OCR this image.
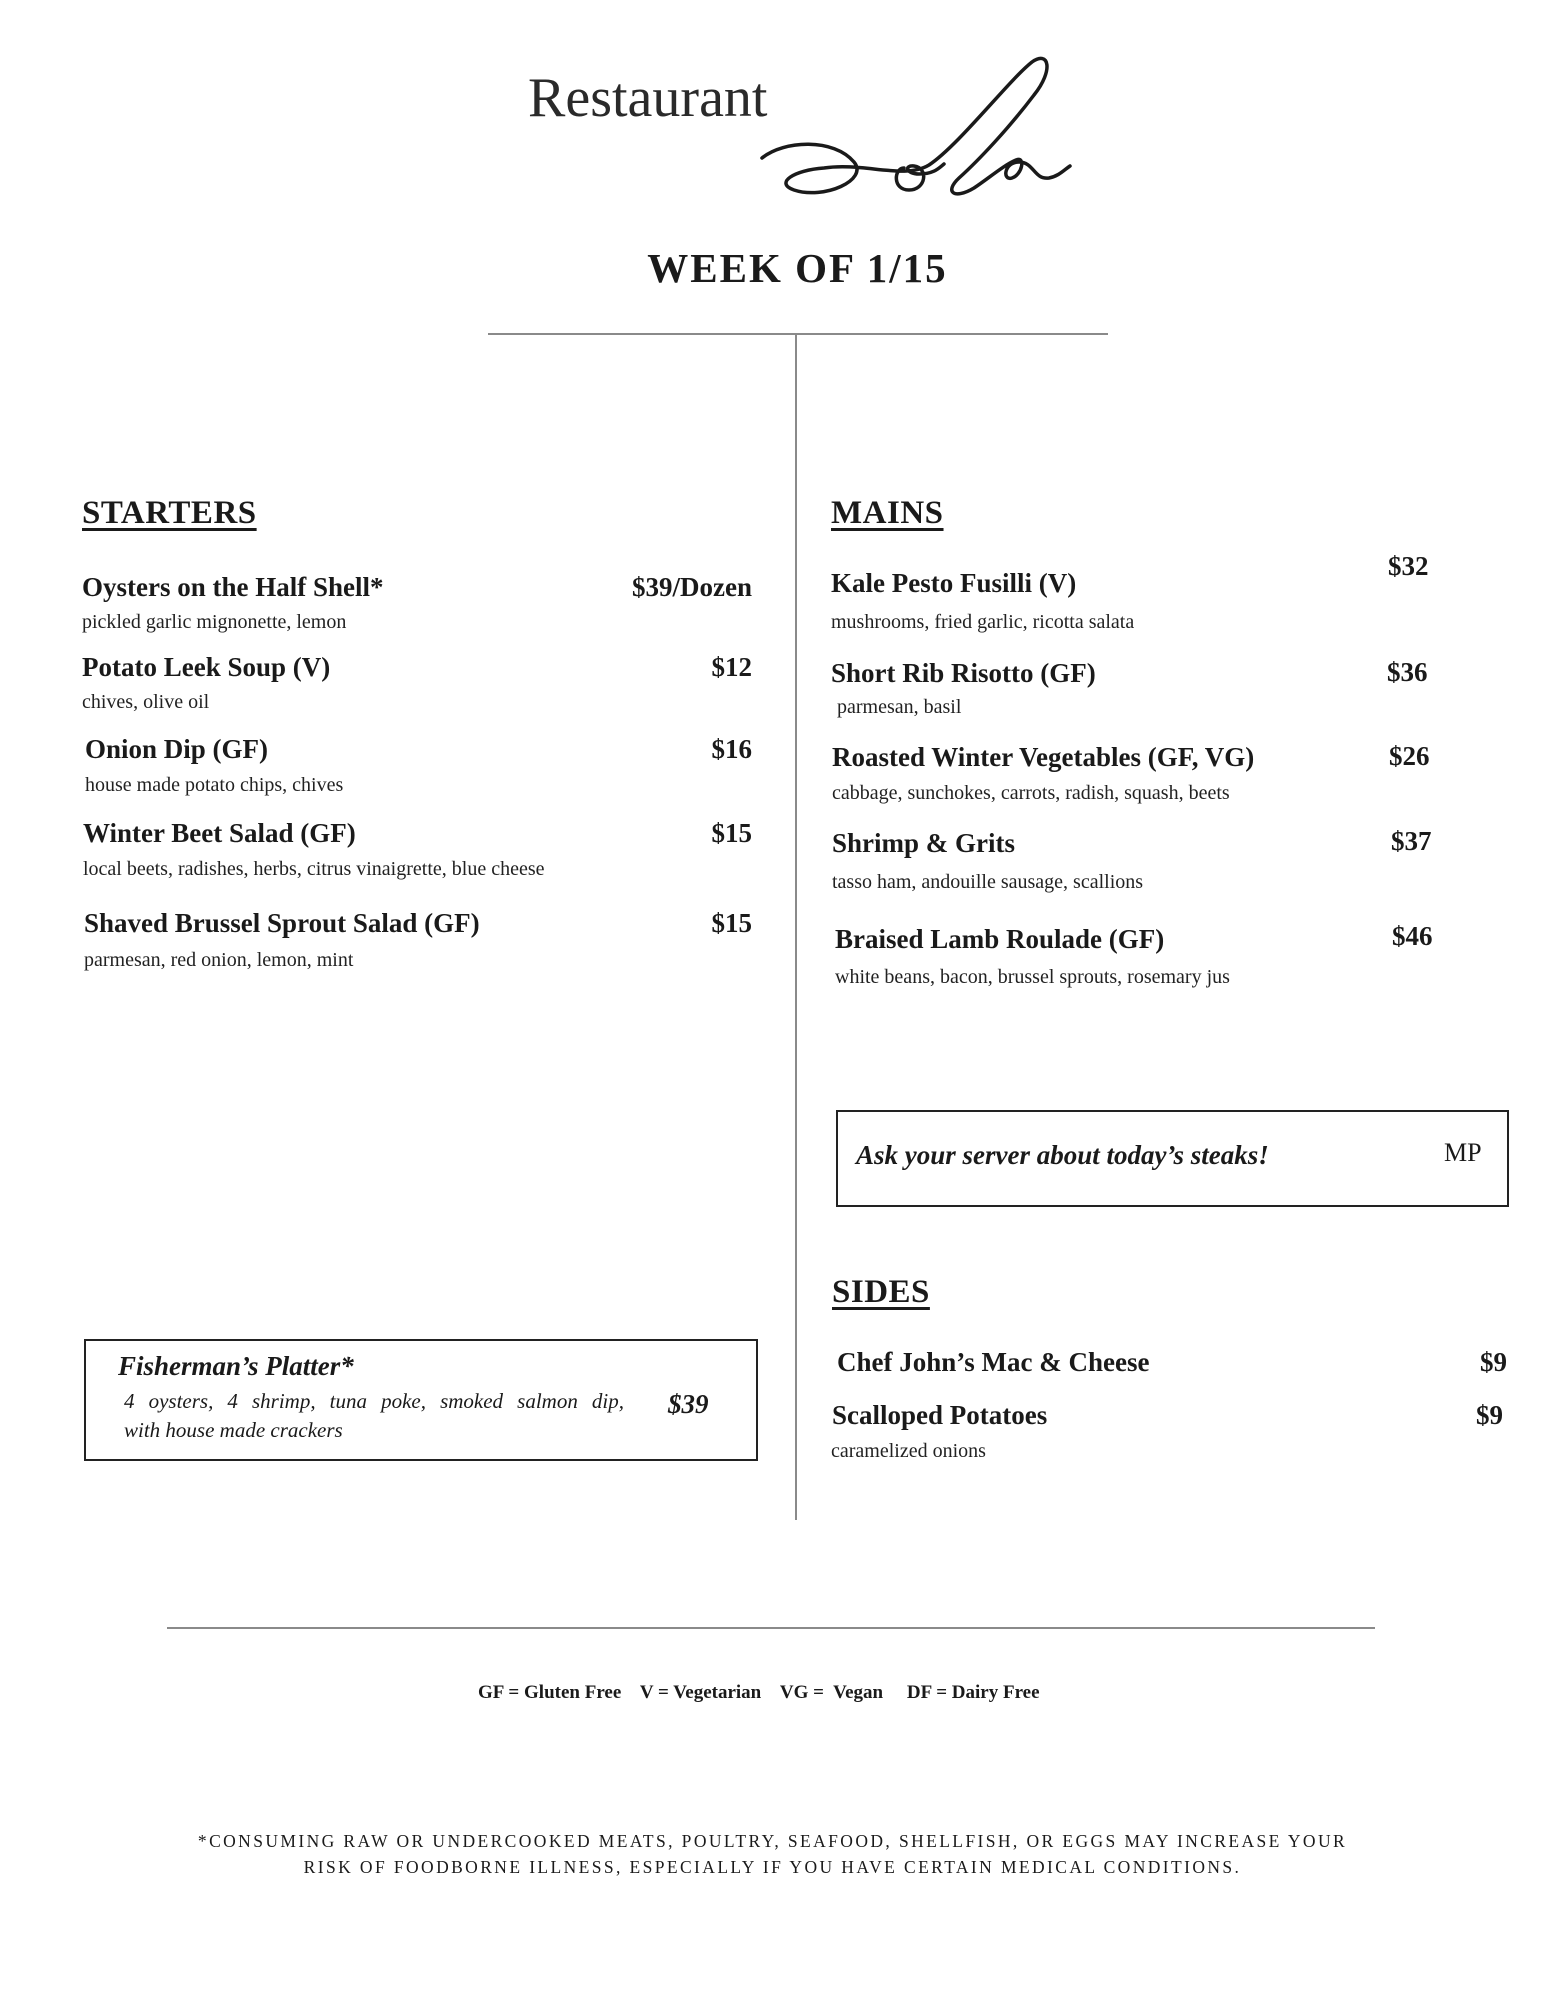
Restaurant
Lola
WEEK OF 1/15
STARTERS
Oysters on the Half Shell*	$39/Dozen
pickled garlic mignonette, lemon
Potato Leek Soup (V)	$12
chives, olive oil
Onion Dip (GF)	$16
house made potato chips, chives
Winter Beet Salad (GF)	$15
local beets, radishes, herbs, citrus vinaigrette, blue cheese
Shaved Brussel Sprout Salad (GF)	$15
parmesan, red onion, lemon, mint
Fisherman’s Platter*
4 oysters, 4 shrimp, tuna poke, smoked salmon dip,
with house made crackers
$39
MAINS
Kale Pesto Fusilli (V)
$32
mushrooms, fried garlic, ricotta salata
Short Rib Risotto (GF)	$36
parmesan, basil
Roasted Winter Vegetables (GF, VG)	$26
cabbage, sunchokes, carrots, radish, squash, beets
Shrimp & Grits	$37
tasso ham, andouille sausage, scallions
Braised Lamb Roulade (GF)	$46
white beans, bacon, brussel sprouts, rosemary jus
Ask your server about today’s steaks!	MP
SIDES
Chef John’s Mac & Cheese	$9
Scalloped Potatoes	$9
caramelized onions
GF = Gluten Free    V = Vegetarian    VG =  Vegan     DF = Dairy Free
*CONSUMING RAW OR UNDERCOOKED MEATS, POULTRY, SEAFOOD, SHELLFISH, OR EGGS MAY INCREASE YOUR
RISK OF FOODBORNE ILLNESS, ESPECIALLY IF YOU HAVE CERTAIN MEDICAL CONDITIONS.
